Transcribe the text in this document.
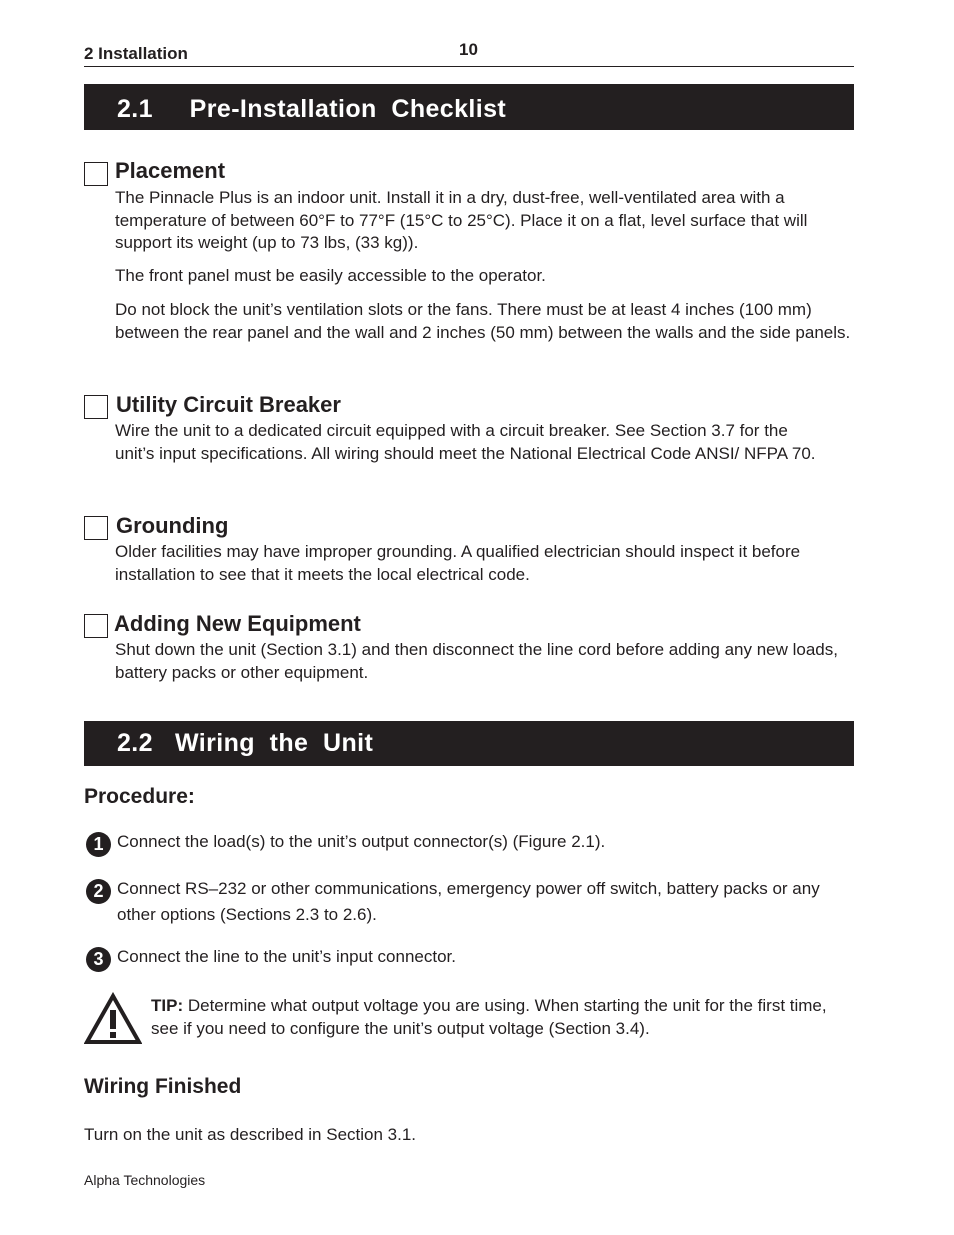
2 Installation	10
2.1     Pre-Installation  Checklist
Placement
The Pinnacle Plus is an indoor unit. Install it in a dry, dust-free, well-ventilated area with a temperature of between 60°F to 77°F (15°C to 25°C). Place it on a flat, level surface that will support its weight (up to 73 lbs, (33 kg)).
The front panel must be easily accessible to the operator.
Do not block the unit’s ventilation slots or the fans. There must be at least 4 inches (100 mm) between the rear panel and the wall and 2 inches (50 mm) between the walls and the side panels.
Utility Circuit Breaker
Wire the unit to a dedicated circuit equipped with a circuit breaker. See Section 3.7 for the unit’s input specifications. All wiring should meet the National Electrical Code ANSI/ NFPA 70.
Grounding
Older facilities may have improper grounding. A qualified electrician should inspect it before installation to see that it meets the local electrical code.
Adding New Equipment
Shut down the unit (Section 3.1) and then disconnect the line cord before adding any new loads, battery packs or other equipment.
2.2   Wiring  the  Unit
Procedure:
1 Connect the load(s) to the unit’s output connector(s) (Figure 2.1).
2 Connect RS–232 or other communications, emergency power off switch, battery packs or any other options (Sections 2.3 to 2.6).
3 Connect the line to the unit’s input connector.
TIP: Determine what output voltage you are using. When starting the unit for the first time, see if you need to configure the unit’s output voltage (Section 3.4).
Wiring Finished
Turn on the unit as described in Section 3.1.
Alpha Technologies
